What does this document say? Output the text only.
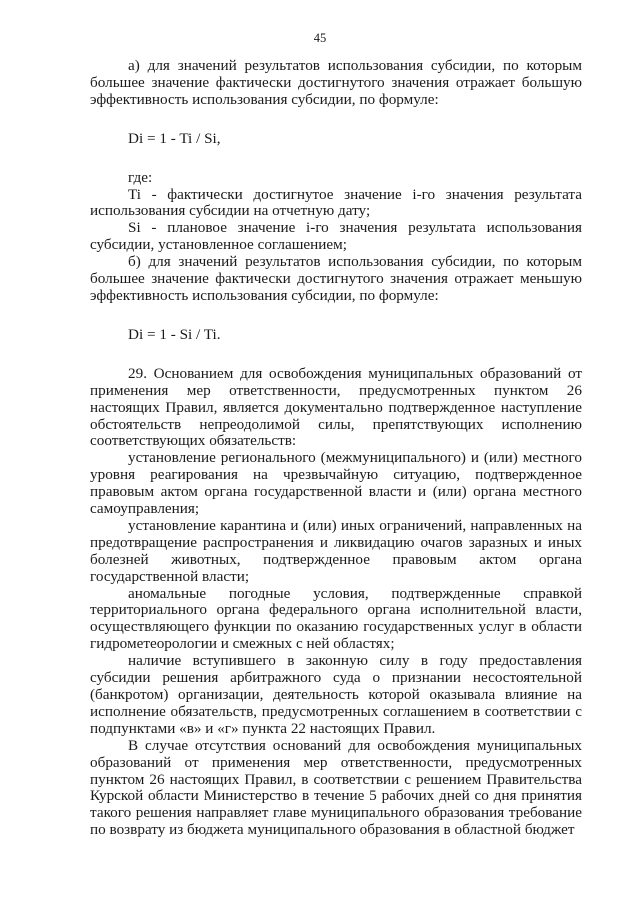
45

а) для значений результатов использования субсидии, по которым большее значение фактически достигнутого значения отражает большую эффективность использования субсидии, по формуле:

Di = 1 - Ti / Si,

где:

Ti - фактически достигнутое значение i-го значения результата использования субсидии на отчетную дату;

Si - плановое значение i-го значения результата использования субсидии, установленное соглашением;

б) для значений результатов использования субсидии, по которым большее значение фактически достигнутого значения отражает меньшую эффективность использования субсидии, по формуле:

Di = 1 - Si / Ti.

29. Основанием для освобождения муниципальных образований от применения мер ответственности, предусмотренных пунктом 26 настоящих Правил, является документально подтвержденное наступление обстоятельств непреодолимой силы, препятствующих исполнению соответствующих обязательств:

установление регионального (межмуниципального) и (или) местного уровня реагирования на чрезвычайную ситуацию, подтвержденное правовым актом органа государственной власти и (или) органа местного самоуправления;

установление карантина и (или) иных ограничений, направленных на предотвращение распространения и ликвидацию очагов заразных и иных болезней животных, подтвержденное правовым актом органа государственной власти;

аномальные погодные условия, подтвержденные справкой территориального органа федерального органа исполнительной власти, осуществляющего функции по оказанию государственных услуг в области гидрометеорологии и смежных с ней областях;

наличие вступившего в законную силу в году предоставления субсидии решения арбитражного суда о признании несостоятельной (банкротом) организации, деятельность которой оказывала влияние на исполнение обязательств, предусмотренных соглашением в соответствии с подпунктами «в» и «г» пункта 22 настоящих Правил.

В случае отсутствия оснований для освобождения муниципальных образований от применения мер ответственности, предусмотренных пунктом 26 настоящих Правил, в соответствии с решением Правительства Курской области Министерство в течение 5 рабочих дней со дня принятия такого решения направляет главе муниципального образования требование по возврату из бюджета муниципального образования в областной бюджет
